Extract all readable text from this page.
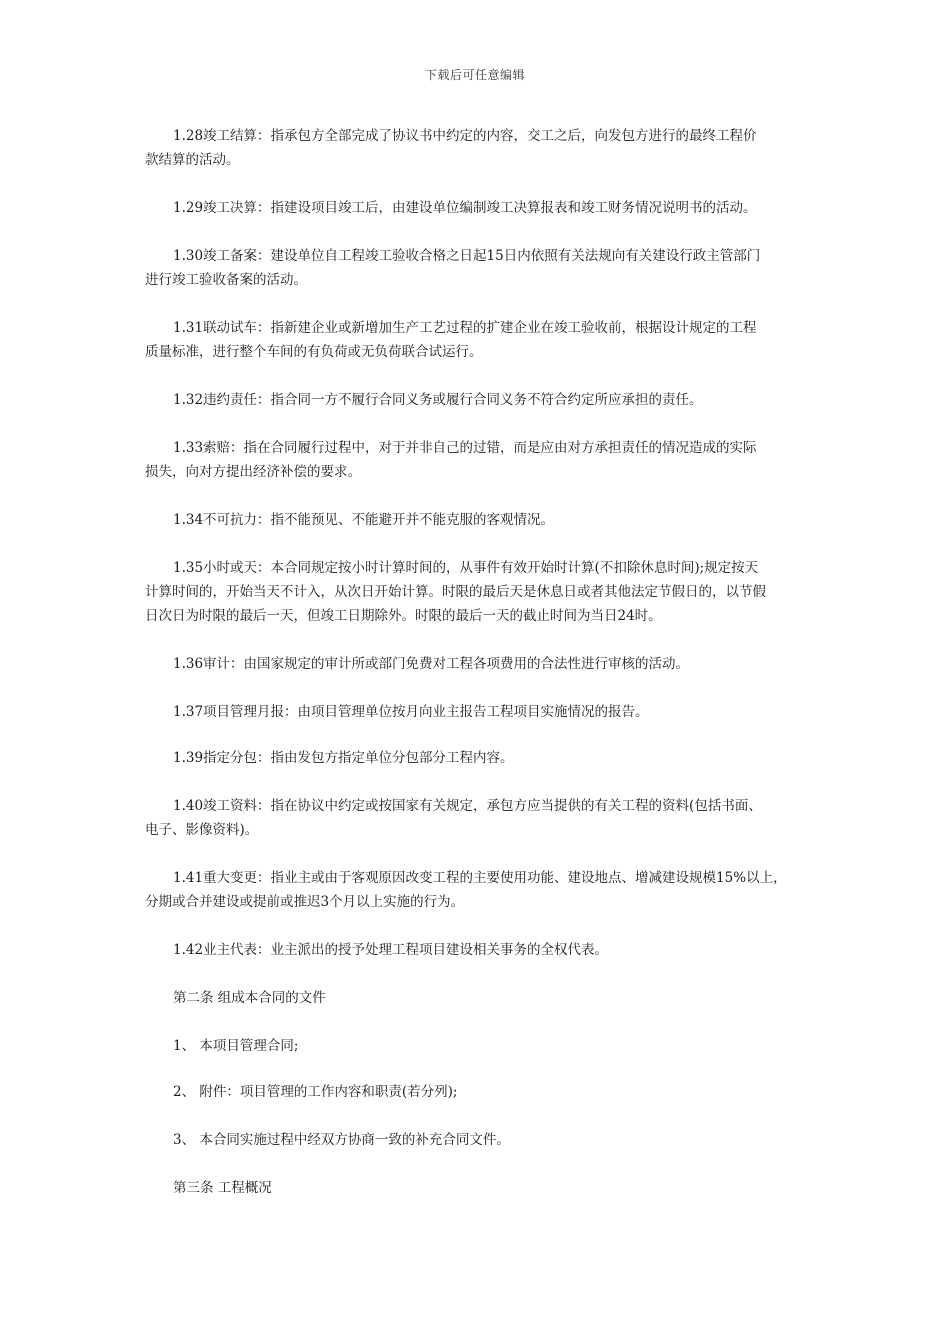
下载后可任意编辑

1.28竣工结算：指承包方全部完成了协议书中约定的内容，交工之后，向发包方进行的最终工程价
款结算的活动。

1.29竣工决算：指建设项目竣工后，由建设单位编制竣工决算报表和竣工财务情况说明书的活动。

1.30竣工备案：建设单位自工程竣工验收合格之日起15日内依照有关法规向有关建设行政主管部门
进行竣工验收备案的活动。

1.31联动试车：指新建企业或新增加生产工艺过程的扩建企业在竣工验收前，根据设计规定的工程
质量标准，进行整个车间的有负荷或无负荷联合试运行。

1.32违约责任：指合同一方不履行合同义务或履行合同义务不符合约定所应承担的责任。

1.33索赔：指在合同履行过程中，对于并非自己的过错，而是应由对方承担责任的情况造成的实际
损失，向对方提出经济补偿的要求。

1.34不可抗力：指不能预见、不能避开并不能克服的客观情况。

1.35小时或天：本合同规定按小时计算时间的，从事件有效开始时计算(不扣除休息时间);规定按天
计算时间的，开始当天不计入，从次日开始计算。时限的最后天是休息日或者其他法定节假日的，以节假
日次日为时限的最后一天，但竣工日期除外。时限的最后一天的截止时间为当日24时。

1.36审计：由国家规定的审计所或部门免费对工程各项费用的合法性进行审核的活动。

1.37项目管理月报：由项目管理单位按月向业主报告工程项目实施情况的报告。

1.39指定分包：指由发包方指定单位分包部分工程内容。

1.40竣工资料：指在协议中约定或按国家有关规定，承包方应当提供的有关工程的资料(包括书面、
电子、影像资料)。

1.41重大变更：指业主或由于客观原因改变工程的主要使用功能、建设地点、增减建设规模15%以上，
分期或合并建设或提前或推迟3个月以上实施的行为。

1.42业主代表：业主派出的授予处理工程项目建设相关事务的全权代表。

第二条 组成本合同的文件

1、 本项目管理合同;

2、 附件：项目管理的工作内容和职责(若分列);

3、 本合同实施过程中经双方协商一致的补充合同文件。

第三条 工程概况
